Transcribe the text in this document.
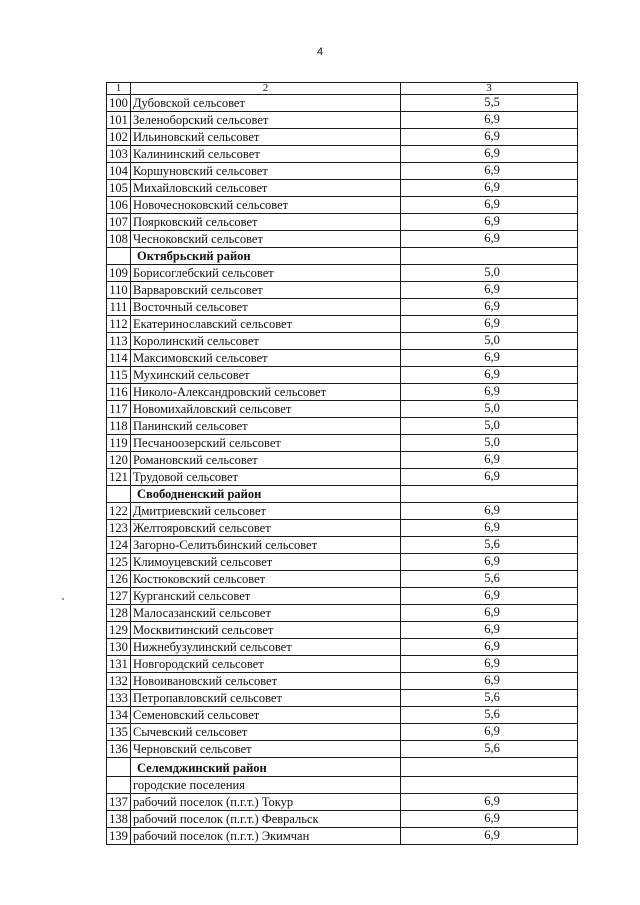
4
1	2	3
100	Дубовской сельсовет	5,5
101	Зеленоборский сельсовет	6,9
102	Ильиновский сельсовет	6,9
103	Калининский сельсовет	6,9
104	Коршуновский сельсовет	6,9
105	Михайловский сельсовет	6,9
106	Новочесноковский сельсовет	6,9
107	Поярковский сельсовет	6,9
108	Чесноковский сельсовет	6,9
	Октябрьский район	
109	Борисоглебский сельсовет	5,0
110	Варваровский сельсовет	6,9
111	Восточный сельсовет	6,9
112	Екатеринославский сельсовет	6,9
113	Королинский сельсовет	5,0
114	Максимовский сельсовет	6,9
115	Мухинский сельсовет	6,9
116	Николо-Александровский сельсовет	6,9
117	Новомихайловский сельсовет	5,0
118	Панинский сельсовет	5,0
119	Песчаноозерский сельсовет	5,0
120	Романовский сельсовет	6,9
121	Трудовой сельсовет	6,9
	Свободненский район	
122	Дмитриевский сельсовет	6,9
123	Желтояровский сельсовет	6,9
124	Загорно-Селитьбинский сельсовет	5,6
125	Климоуцевский сельсовет	6,9
126	Костюковский сельсовет	5,6
127	Курганский сельсовет	6,9
128	Малосазанский сельсовет	6,9
129	Москвитинский сельсовет	6,9
130	Нижнебузулинский сельсовет	6,9
131	Новгородский сельсовет	6,9
132	Новоивановский сельсовет	6,9
133	Петропавловский сельсовет	5,6
134	Семеновский сельсовет	5,6
135	Сычевский сельсовет	6,9
136	Черновский сельсовет	5,6
	Селемджинский район	
	городские поселения	
137	рабочий поселок (п.г.т.) Токур	6,9
138	рабочий поселок (п.г.т.) Февральск	6,9
139	рабочий поселок (п.г.т.) Экимчан	6,9
